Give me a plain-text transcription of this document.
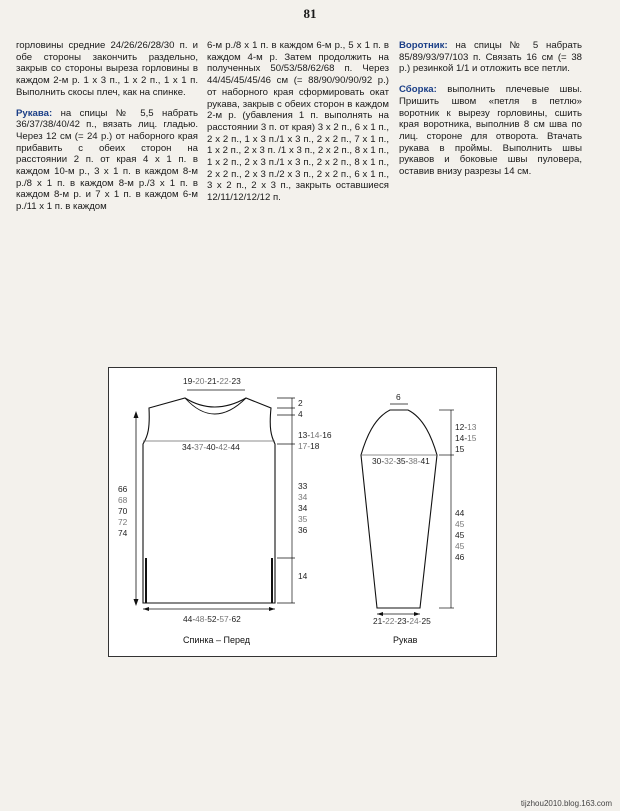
81

горловины средние 24/26/26/28/30 п. и обе стороны закончить раздельно, закрыв со стороны выреза горловины в каждом 2-м р. 1 х 3 п., 1 х 2 п., 1 х 1 п. Выполнить скосы плеч, как на спинке.

Рукава: на спицы № 5,5 набрать 36/37/38/40/42 п., вязать лиц. гладью. Через 12 см (= 24 р.) от наборного края прибавить с обеих сторон на расстоянии 2 п. от края 4 х 1 п. в каждом 10-м р., 3 х 1 п. в каждом 8-м р./8 х 1 п. в каждом 8-м р./3 х 1 п. в каждом 8-м р. и 7 х 1 п. в каждом 6-м р./11 х 1 п. в каждом

6-м р./8 х 1 п. в каждом 6-м р., 5 х 1 п. в каждом 4-м р. Затем продолжить на полученных 50/53/58/62/68 п. Через 44/45/45/45/46 см (= 88/90/90/90/92 р.) от наборного края сформировать окат рукава, закрыв с обеих сторон в каждом 2-м р. (убавления 1 п. выполнять на расстоянии 3 п. от края) 3 х 2 п., 6 х 1 п., 2 х 2 п., 1 х 3 п./1 х 3 п., 2 х 2 п., 7 х 1 п., 1 х 2 п., 2 х 3 п. /1 х 3 п., 2 х 2 п., 8 х 1 п., 1 х 2 п., 2 х 3 п./1 х 3 п., 2 х 2 п., 8 х 1 п., 2 х 2 п., 2 х 3 п./2 х 3 п., 2 х 2 п., 6 х 1 п., 3 х 2 п., 2 х 3 п., закрыть оставшиеся 12/11/12/12/12 п.

Воротник: на спицы № 5 набрать 85/89/93/97/103 п. Связать 16 см (= 38 р.) резинкой 1/1 и отложить все петли.

Сборка: выполнить плечевые швы. Пришить швом «петля в петлю» воротник к вырезу горловины, сшить края воротника, выполнив 8 см шва по лиц. стороне для отворота. Втачать рукава в проймы. Выполнить швы рукавов и боковые швы пуловера, оставив внизу разрезы 14 см.

19-20-21-22-23
2
4
34-37-40-42-44
13-14-16
17-18
66
68
70
72
74
33
34
34
35
36
14
44-48-52-57-62
Спинка – Перед
6
12-13
14-15
15
30-32-35-38-41
44
45
45
45
46
21-22-23-24-25
Рукав
tijzhou2010.blog.163.com
